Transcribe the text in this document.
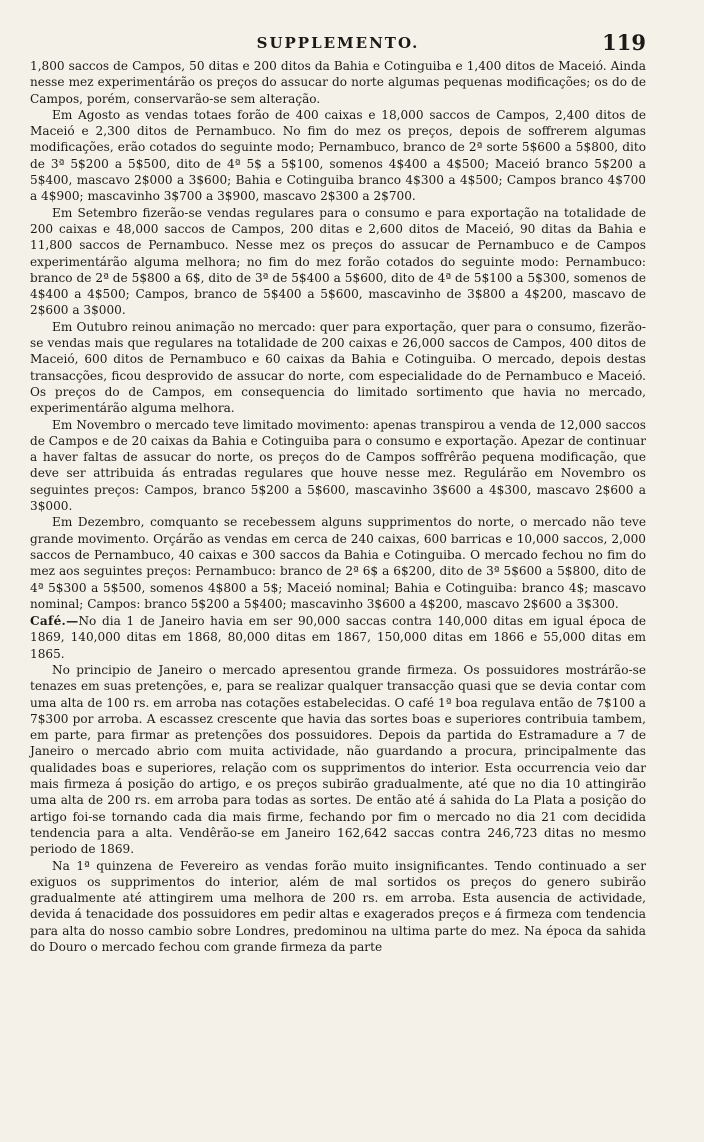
SUPPLEMENTO.	119

1,800 saccos de Campos, 50 ditas e 200 ditos da Bahia e Cotinguiba e 1,400 ditos de Maceió. Ainda nesse mez experimentárão os preços do assucar do norte algumas pequenas modificações; os do de Campos, porém, conservarão-se sem alteração.

Em Agosto as vendas totaes forão de 400 caixas e 18,000 saccos de Campos, 2,400 ditos de Maceió e 2,300 ditos de Pernambuco. No fim do mez os preços, depois de soffrerem algumas modificações, erão cotados do seguinte modo; Pernambuco, branco de 2ª sorte 5$600 a 5$800, dito de 3ª 5$200 a 5$500, dito de 4ª 5$ a 5$100, somenos 4$400 a 4$500; Maceió branco 5$200 a 5$400, mascavo 2$000 a 3$600; Bahia e Cotinguiba branco 4$300 a 4$500; Campos branco 4$700 a 4$900; mascavinho 3$700 a 3$900, mascavo 2$300 a 2$700.

Em Setembro fizerão-se vendas regulares para o consumo e para exportação na totalidade de 200 caixas e 48,000 saccos de Campos, 200 ditas e 2,600 ditos de Maceió, 90 ditas da Bahia e 11,800 saccos de Pernambuco. Nesse mez os preços do assucar de Pernambuco e de Campos experimentárão alguma melhora; no fim do mez forão cotados do seguinte modo: Pernambuco: branco de 2ª de 5$800 a 6$, dito de 3ª de 5$400 a 5$600, dito de 4ª de 5$100 a 5$300, somenos de 4$400 a 4$500; Campos, branco de 5$400 a 5$600, mascavinho de 3$800 a 4$200, mascavo de 2$600 a 3$000.

Em Outubro reinou animação no mercado: quer para exportação, quer para o consumo, fizerão-se vendas mais que regulares na totalidade de 200 caixas e 26,000 saccos de Campos, 400 ditos de Maceió, 600 ditos de Pernambuco e 60 caixas da Bahia e Cotinguiba. O mercado, depois destas transacções, ficou desprovido de assucar do norte, com especialidade do de Pernambuco e Maceió. Os preços do de Campos, em consequencia do limitado sortimento que havia no mercado, experimentárão alguma melhora.

Em Novembro o mercado teve limitado movimento: apenas transpirou a venda de 12,000 saccos de Campos e de 20 caixas da Bahia e Cotinguiba para o consumo e exportação. Apezar de continuar a haver faltas de assucar do norte, os preços do de Campos soffrêrão pequena modificação, que deve ser attribuida ás entradas regulares que houve nesse mez. Regulárão em Novembro os seguintes preços: Campos, branco 5$200 a 5$600, mascavinho 3$600 a 4$300, mascavo 2$600 a 3$000.

Em Dezembro, comquanto se recebessem alguns supprimentos do norte, o mercado não teve grande movimento. Orçárão as vendas em cerca de 240 caixas, 600 barricas e 10,000 saccos, 2,000 saccos de Pernambuco, 40 caixas e 300 saccos da Bahia e Cotinguiba. O mercado fechou no fim do mez aos seguintes preços: Pernambuco: branco de 2ª 6$ a 6$200, dito de 3ª 5$600 a 5$800, dito de 4ª 5$300 a 5$500, somenos 4$800 a 5$; Maceió nominal; Bahia e Cotinguiba: branco 4$; mascavo nominal; Campos: branco 5$200 a 5$400; mascavinho 3$600 a 4$200, mascavo 2$600 a 3$300.

Café.—No dia 1 de Janeiro havia em ser 90,000 saccas contra 140,000 ditas em igual época de 1869, 140,000 ditas em 1868, 80,000 ditas em 1867, 150,000 ditas em 1866 e 55,000 ditas em 1865.

No principio de Janeiro o mercado apresentou grande firmeza. Os possuidores mostrárão-se tenazes em suas pretenções, e, para se realizar qualquer transacção quasi que se devia contar com uma alta de 100 rs. em arroba nas cotações estabelecidas. O café 1ª boa regulava então de 7$100 a 7$300 por arroba. A escassez crescente que havia das sortes boas e superiores contribuia tambem, em parte, para firmar as pretenções dos possuidores. Depois da partida do Estramadure a 7 de Janeiro o mercado abrio com muita actividade, não guardando a procura, principalmente das qualidades boas e superiores, relação com os supprimentos do interior. Esta occurrencia veio dar mais firmeza á posição do artigo, e os preços subirão gradualmente, até que no dia 10 attingirão uma alta de 200 rs. em arroba para todas as sortes. De então até á sahida do La Plata a posição do artigo foi-se tornando cada dia mais firme, fechando por fim o mercado no dia 21 com decidida tendencia para a alta. Vendêrão-se em Janeiro 162,642 saccas contra 246,723 ditas no mesmo periodo de 1869.

Na 1ª quinzena de Fevereiro as vendas forão muito insignificantes. Tendo continuado a ser exiguos os supprimentos do interior, além de mal sortidos os preços do genero subirão gradualmente até attingirem uma melhora de 200 rs. em arroba. Esta ausencia de actividade, devida á tenacidade dos possuidores em pedir altas e exagerados preços e á firmeza com tendencia para alta do nosso cambio sobre Londres, predominou na ultima parte do mez. Na época da sahida do Douro o mercado fechou com grande firmeza da parte
